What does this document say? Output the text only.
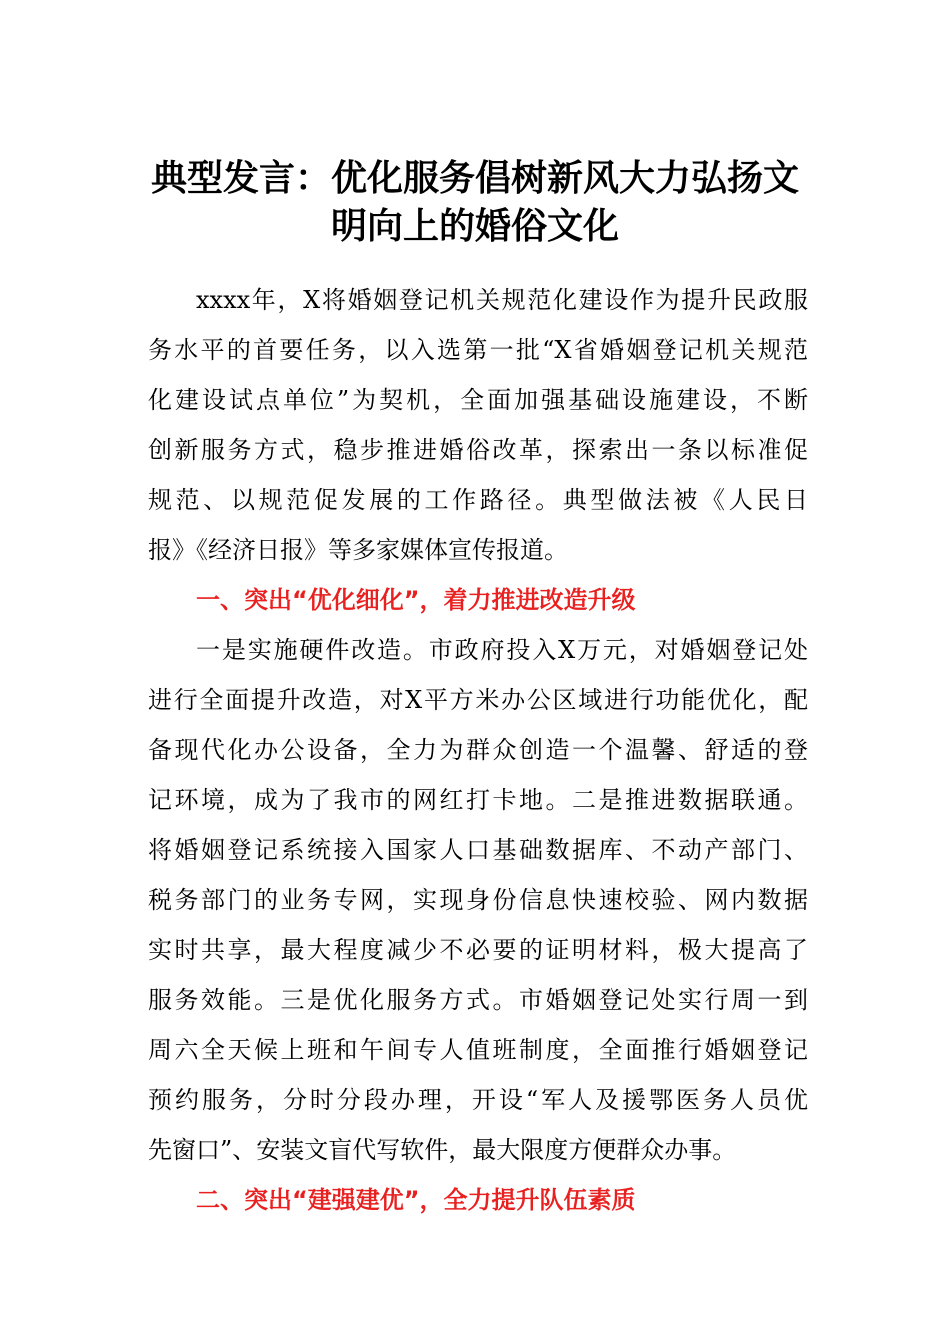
典型发言：优化服务倡树新风大力弘扬文
明向上的婚俗文化

xxxx年，X将婚姻登记机关规范化建设作为提升民政服

务水平的首要任务，以入选第一批“X省婚姻登记机关规范

化建设试点单位”为契机，全面加强基础设施建设，不断

创新服务方式，稳步推进婚俗改革，探索出一条以标准促

规范、以规范促发展的工作路径。典型做法被《人民日

报》《经济日报》等多家媒体宣传报道。

一、突出“优化细化”，着力推进改造升级

一是实施硬件改造。市政府投入X万元，对婚姻登记处

进行全面提升改造，对X平方米办公区域进行功能优化，配

备现代化办公设备，全力为群众创造一个温馨、舒适的登

记环境，成为了我市的网红打卡地。二是推进数据联通。

将婚姻登记系统接入国家人口基础数据库、不动产部门、

税务部门的业务专网，实现身份信息快速校验、网内数据

实时共享，最大程度减少不必要的证明材料，极大提高了

服务效能。三是优化服务方式。市婚姻登记处实行周一到

周六全天候上班和午间专人值班制度，全面推行婚姻登记

预约服务，分时分段办理，开设“军人及援鄂医务人员优

先窗口”、安装文盲代写软件，最大限度方便群众办事。

二、突出“建强建优”，全力提升队伍素质
